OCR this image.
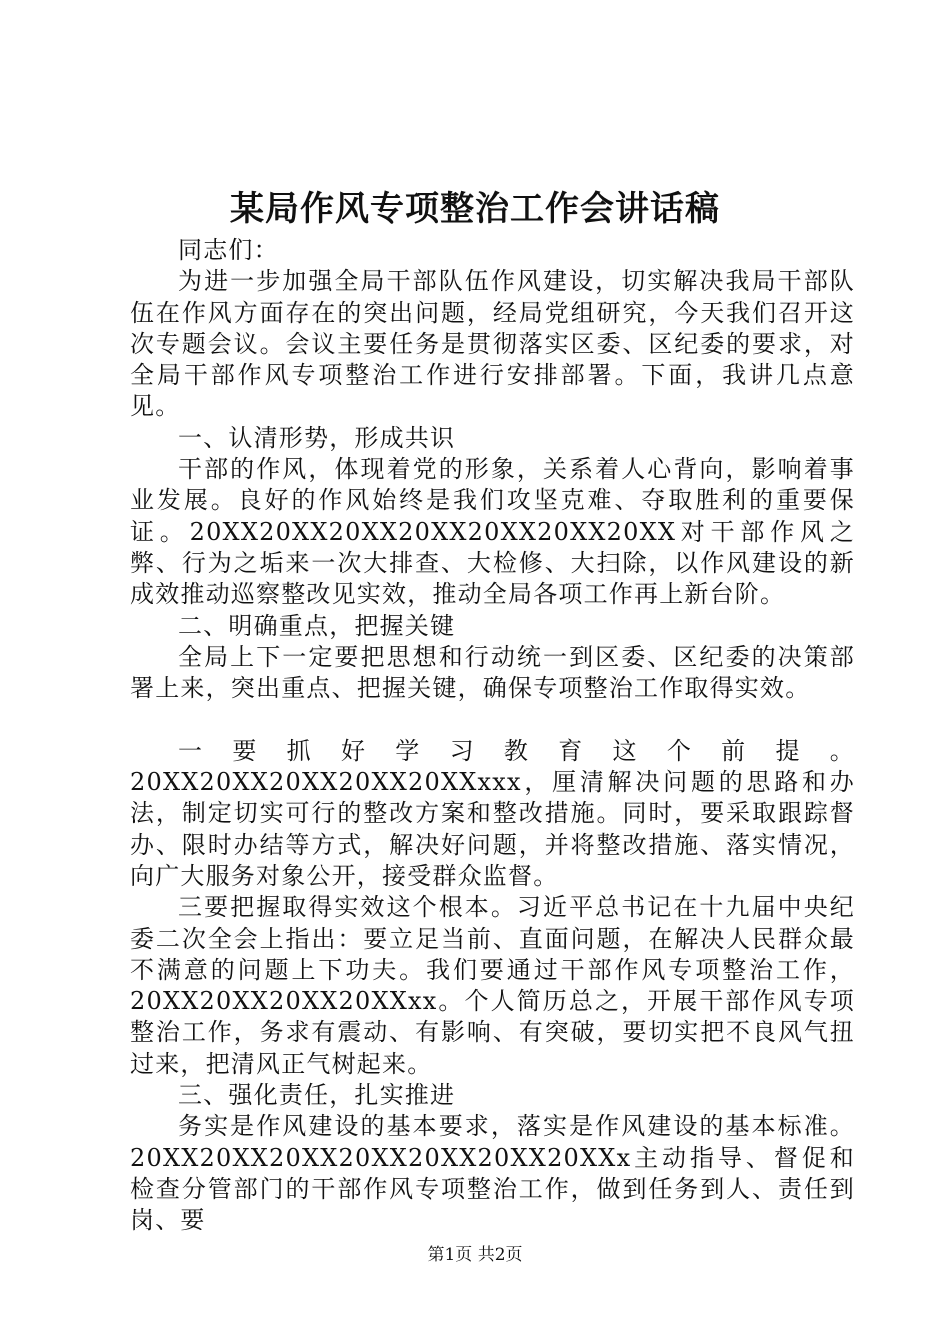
某局作风专项整治工作会讲话稿

同志们：

为进一步加强全局干部队伍作风建设，切实解决我局干部队伍在作风方面存在的突出问题，经局党组研究，今天我们召开这次专题会议。会议主要任务是贯彻落实区委、区纪委的要求，对全局干部作风专项整治工作进行安排部署。下面，我讲几点意见。

一、认清形势，形成共识

干部的作风，体现着党的形象，关系着人心背向，影响着事业发展。良好的作风始终是我们攻坚克难、夺取胜利的重要保证。20XX20XX20XX20XX20XX20XX20XX对干部作风之弊、行为之垢来一次大排查、大检修、大扫除，以作风建设的新成效推动巡察整改见实效，推动全局各项工作再上新台阶。

二、明确重点，把握关键

全局上下一定要把思想和行动统一到区委、区纪委的决策部署上来，突出重点、把握关键，确保专项整治工作取得实效。

一要抓好学习教育这个前提。20XX20XX20XX20XX20XXxxx，厘清解决问题的思路和办法，制定切实可行的整改方案和整改措施。同时，要采取跟踪督办、限时办结等方式，解决好问题，并将整改措施、落实情况，向广大服务对象公开，接受群众监督。

三要把握取得实效这个根本。习近平总书记在十九届中央纪委二次全会上指出：要立足当前、直面问题，在解决人民群众最不满意的问题上下功夫。我们要通过干部作风专项整治工作，20XX20XX20XX20XXxx。个人简历总之，开展干部作风专项整治工作，务求有震动、有影响、有突破，要切实把不良风气扭过来，把清风正气树起来。

三、强化责任，扎实推进

务实是作风建设的基本要求，落实是作风建设的基本标准。20XX20XX20XX20XX20XX20XX20XXx主动指导、督促和检查分管部门的干部作风专项整治工作，做到任务到人、责任到岗、要

第1页 共2页
